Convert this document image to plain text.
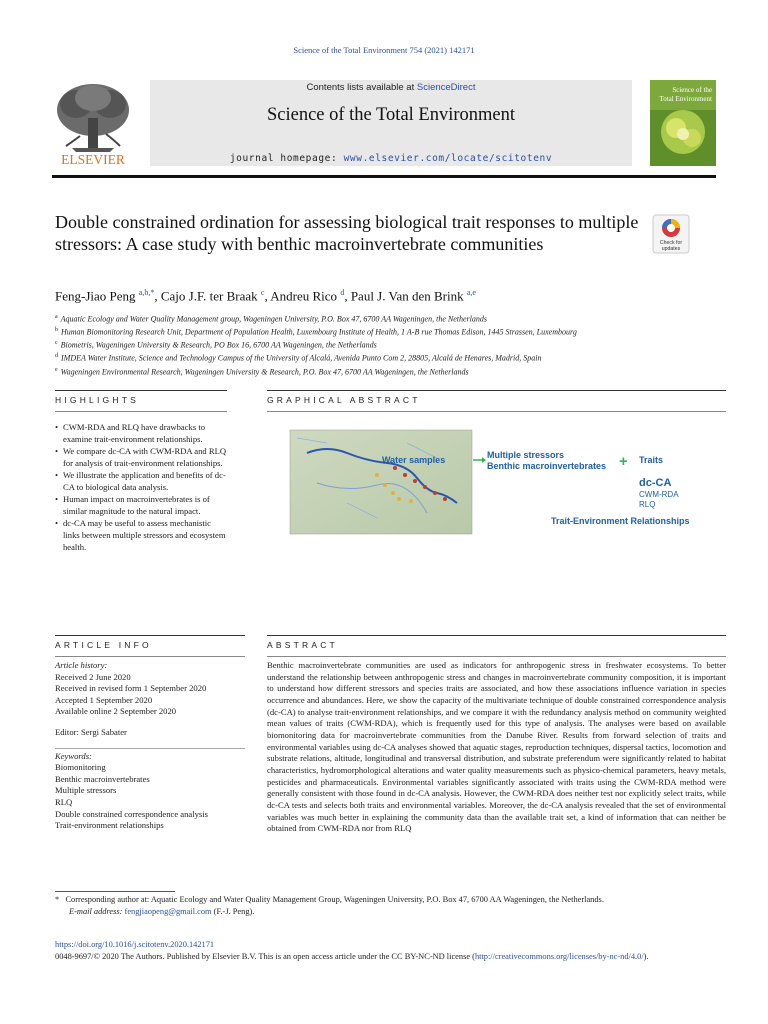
Science of the Total Environment 754 (2021) 142171
Contents lists available at ScienceDirect
Science of the Total Environment
journal homepage: www.elsevier.com/locate/scitotenv
ELSEVIER
Science of the
Total Environment
Double constrained ordination for assessing biological trait responses to multiple stressors: A case study with benthic macroinvertebrate communities	Check for
updates
Feng-Jiao Peng $^{a,b,*}$, Cajo J.F. ter Braak $^c$, Andreu Rico $^d$, Paul J. Van den Brink $^{a,e}$
$^a$ Aquatic Ecology and Water Quality Management group, Wageningen University, P.O. Box 47, 6700 AA Wageningen, the Netherlands
$^b$ Human Biomonitoring Research Unit, Department of Population Health, Luxembourg Institute of Health, 1 A-B rue Thomas Edison, 1445 Strassen, Luxembourg
$^c$ Biometris, Wageningen University & Research, PO Box 16, 6700 AA Wageningen, the Netherlands
$^d$ IMDEA Water Institute, Science and Technology Campus of the University of Alcalá, Avenida Punto Com 2, 28805, Alcalá de Henares, Madrid, Spain
$^e$ Wageningen Environmental Research, Wageningen University & Research, P.O. Box 47, 6700 AA Wageningen, the Netherlands
HIGHLIGHTS	GRAPHICAL ABSTRACT
• CWM-RDA and RLQ have drawbacks to examine trait-environment relationships.
• We compare dc-CA with CWM-RDA and RLQ for analysis of trait-environment relationships.
• We illustrate the application and benefits of dc-CA to biological data analysis.
• Human impact on macroinvertebrates is of similar magnitude to the natural impact.
• dc-CA may be useful to assess mechanistic links between multiple stressors and ecosystem health.
Water samples	Multiple stressors
Benthic macroinvertebrates + Traits
dc-CA
CWM-RDA
RLQ
Trait-Environment Relationships
ARTICLE INFO	ABSTRACT
Article history:
Received 2 June 2020
Received in revised form 1 September 2020
Accepted 1 September 2020
Available online 2 September 2020
Editor: Sergi Sabater
Keywords:
Biomonitoring
Benthic macroinvertebrates
Multiple stressors
RLQ
Double constrained correspondence analysis
Trait-environment relationships
Benthic macroinvertebrate communities are used as indicators for anthropogenic stress in freshwater ecosystems. To better understand the relationship between anthropogenic stress and changes in macroinvertebrate community composition, it is important to understand how different stressors and species traits are associated, and how these associations influence variation in species occurrence and abundances. Here, we show the capacity of the multivariate technique of double constrained correspondence analysis (dc-CA) to analyse trait-environment relationships, and we compare it with the redundancy analysis method on community weighted mean values of traits (CWM-RDA), which is frequently used for this type of analysis. The analyses were based on available biomonitoring data for macroinvertebrate communities from the Danube River. Results from forward selection of traits and environmental variables using dc-CA analyses showed that aquatic stages, reproduction techniques, dispersal tactics, locomotion and substrate relations, altitude, longitudinal and transversal distribution, and substrate preferendum were significantly related to habitat characteristics, hydromorphological alterations and water quality measurements such as physico-chemical parameters, heavy metals, pesticides and pharmaceuticals. Environmental variables significantly associated with traits using the CWM-RDA method were generally consistent with those found in dc-CA analysis. However, the CWM-RDA does neither test nor explicitly select traits, while dc-CA tests and selects both traits and environmental variables. Moreover, the dc-CA analysis revealed that the set of environmental variables was much better in explaining the community data than the available trait set, a kind of information that can neither be obtained from CWM-RDA nor from RLQ
* Corresponding author at: Aquatic Ecology and Water Quality Management Group, Wageningen University, P.O. Box 47, 6700 AA Wageningen, the Netherlands.
E-mail address: fengjiaopeng@gmail.com (F.-J. Peng).
https://doi.org/10.1016/j.scitotenv.2020.142171
0048-9697/© 2020 The Authors. Published by Elsevier B.V. This is an open access article under the CC BY-NC-ND license (http://creativecommons.org/licenses/by-nc-nd/4.0/).
